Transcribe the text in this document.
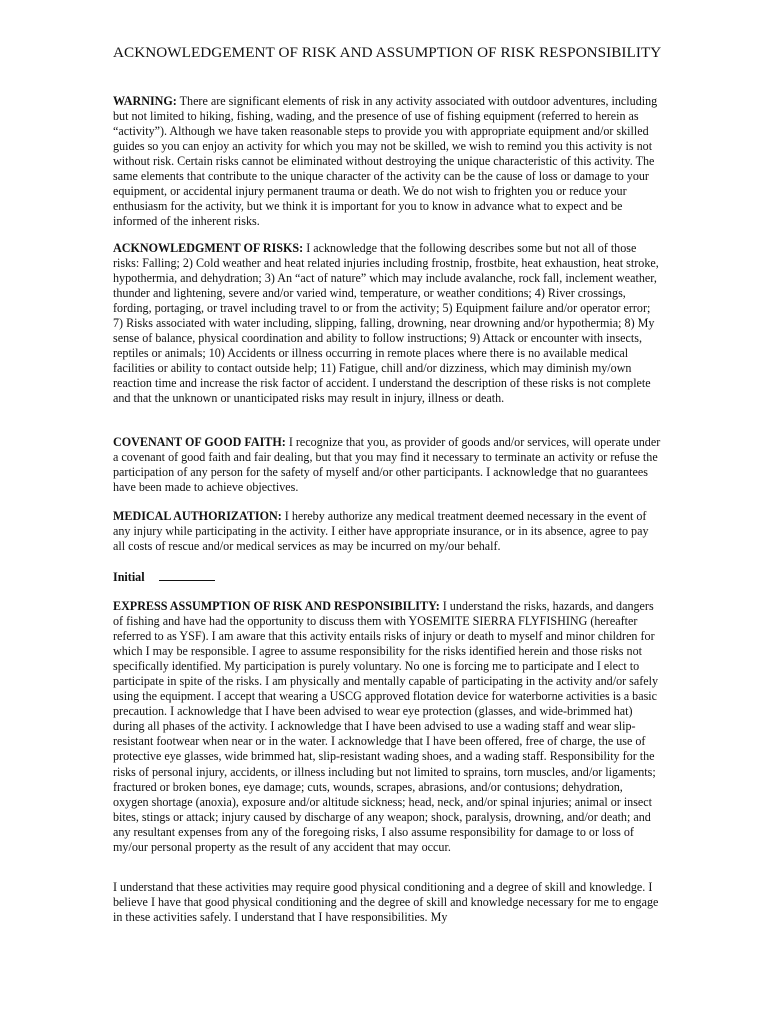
ACKNOWLEDGEMENT OF RISK AND ASSUMPTION OF RISK RESPONSIBILITY

WARNING: There are significant elements of risk in any activity associated with outdoor adventures, including but not limited to hiking, fishing, wading, and the presence of use of fishing equipment (referred to herein as “activity”). Although we have taken reasonable steps to provide you with appropriate equipment and/or skilled guides so you can enjoy an activity for which you may not be skilled, we wish to remind you this activity is not without risk. Certain risks cannot be eliminated without destroying the unique characteristic of this activity. The same elements that contribute to the unique character of the activity can be the cause of loss or damage to your equipment, or accidental injury permanent trauma or death. We do not wish to frighten you or reduce your enthusiasm for the activity, but we think it is important for you to know in advance what to expect and be informed of the inherent risks.

ACKNOWLEDGMENT OF RISKS: I acknowledge that the following describes some but not all of those risks: Falling; 2) Cold weather and heat related injuries including frostnip, frostbite, heat exhaustion, heat stroke, hypothermia, and dehydration; 3) An “act of nature” which may include avalanche, rock fall, inclement weather, thunder and lightening, severe and/or varied wind, temperature, or weather conditions; 4) River crossings, fording, portaging, or travel including travel to or from the activity; 5) Equipment failure and/or operator error; 7) Risks associated with water including, slipping, falling, drowning, near drowning and/or hypothermia; 8) My sense of balance, physical coordination and ability to follow instructions; 9) Attack or encounter with insects, reptiles or animals; 10) Accidents or illness occurring in remote places where there is no available medical facilities or ability to contact outside help; 11) Fatigue, chill and/or dizziness, which may diminish my/own reaction time and increase the risk factor of accident. I understand the description of these risks is not complete and that the unknown or unanticipated risks may result in injury, illness or death.

COVENANT OF GOOD FAITH: I recognize that you, as provider of goods and/or services, will operate under a covenant of good faith and fair dealing, but that you may find it necessary to terminate an activity or refuse the participation of any person for the safety of myself and/or other participants. I acknowledge that no guarantees have been made to achieve objectives.

MEDICAL AUTHORIZATION: I hereby authorize any medical treatment deemed necessary in the event of any injury while participating in the activity. I either have appropriate insurance, or in its absence, agree to pay all costs of rescue and/or medical services as may be incurred on my/our behalf.

Initial

EXPRESS ASSUMPTION OF RISK AND RESPONSIBILITY: I understand the risks, hazards, and dangers of fishing and have had the opportunity to discuss them with YOSEMITE SIERRA FLYFISHING (hereafter referred to as YSF). I am aware that this activity entails risks of injury or death to myself and minor children for which I may be responsible. I agree to assume responsibility for the risks identified herein and those risks not specifically identified. My participation is purely voluntary. No one is forcing me to participate and I elect to participate in spite of the risks. I am physically and mentally capable of participating in the activity and/or safely using the equipment. I accept that wearing a USCG approved flotation device for waterborne activities is a basic precaution. I acknowledge that I have been advised to wear eye protection (glasses, and wide-brimmed hat) during all phases of the activity. I acknowledge that I have been advised to use a wading staff and wear slip-resistant footwear when near or in the water. I acknowledge that I have been offered, free of charge, the use of protective eye glasses, wide brimmed hat, slip-resistant wading shoes, and a wading staff. Responsibility for the risks of personal injury, accidents, or illness including but not limited to sprains, torn muscles, and/or ligaments; fractured or broken bones, eye damage; cuts, wounds, scrapes, abrasions, and/or contusions; dehydration, oxygen shortage (anoxia), exposure and/or altitude sickness; head, neck, and/or spinal injuries; animal or insect bites, stings or attack; injury caused by discharge of any weapon; shock, paralysis, drowning, and/or death; and any resultant expenses from any of the foregoing risks, I also assume responsibility for damage to or loss of my/our personal property as the result of any accident that may occur.

I understand that these activities may require good physical conditioning and a degree of skill and knowledge. I believe I have that good physical conditioning and the degree of skill and knowledge necessary for me to engage in these activities safely. I understand that I have responsibilities. My
